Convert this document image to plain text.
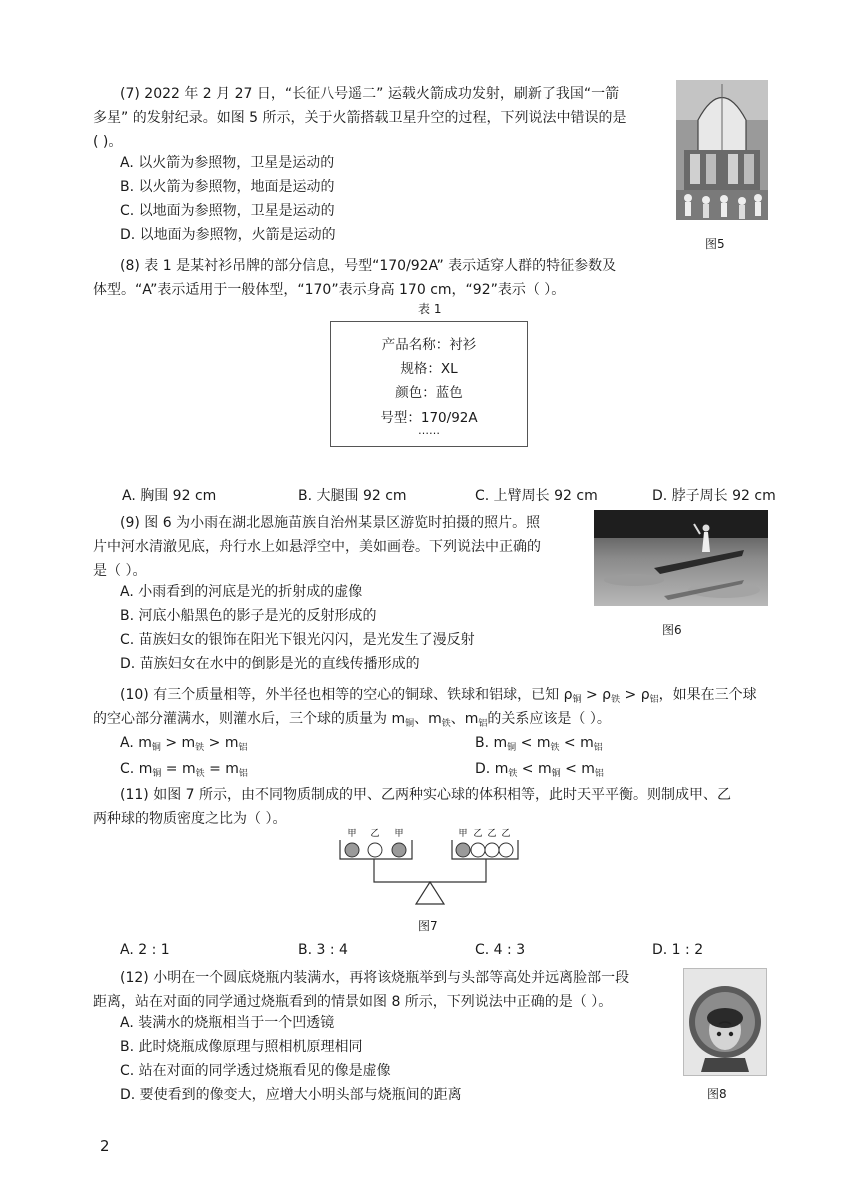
(7) 2022 年 2 月 27 日，“长征八号遥二” 运载火箭成功发射，刷新了我国“一箭
多星” 的发射纪录。如图 5 所示，关于火箭搭载卫星升空的过程，下列说法中错误的是
( )。
A. 以火箭为参照物，卫星是运动的
B. 以火箭为参照物，地面是运动的
C. 以地面为参照物，卫星是运动的
D. 以地面为参照物，火箭是运动的
图5
(8) 表 1 是某衬衫吊牌的部分信息，号型“170/92A” 表示适穿人群的特征参数及
体型。“A”表示适用于一般体型，“170”表示身高 170 cm，“92”表示（ ）。
表 1
产品名称：衬衫
规格：XL
颜色：蓝色
号型：170/92A
……
A. 胸围 92 cm	B. 大腿围 92 cm	C. 上臂周长 92 cm	D. 脖子周长 92 cm
(9) 图 6 为小雨在湖北恩施苗族自治州某景区游览时拍摄的照片。照
片中河水清澈见底，舟行水上如悬浮空中，美如画卷。下列说法中正确的
是（ ）。
A. 小雨看到的河底是光的折射成的虚像
B. 河底小船黑色的影子是光的反射形成的
C. 苗族妇女的银饰在阳光下银光闪闪，是光发生了漫反射
D. 苗族妇女在水中的倒影是光的直线传播形成的
图6
(10) 有三个质量相等，外半径也相等的空心的铜球、铁球和铝球，已知 $\rho_铜 > \rho_铁 > \rho_铝$，如果在三个球
的空心部分灌满水，则灌水后，三个球的质量为 $m_铜$、$m_铁$、$m_铝$的关系应该是（ ）。
A. $m_铜 > m_铁 > m_铝$	B. $m_铜 < m_铁 < m_铝$
C. $m_铜 = m_铁 = m_铝$	D. $m_铁 < m_铜 < m_铝$
(11) 如图 7 所示，由不同物质制成的甲、乙两种实心球的体积相等，此时天平平衡。则制成甲、乙
两种球的物质密度之比为（ ）。
甲 乙 甲	甲 乙 乙 乙
图7
A. 2 : 1	B. 3 : 4	C. 4 : 3	D. 1 : 2
(12) 小明在一个圆底烧瓶内装满水，再将该烧瓶举到与头部等高处并远离脸部一段
距离，站在对面的同学通过烧瓶看到的情景如图 8 所示，下列说法中正确的是（ ）。
A. 装满水的烧瓶相当于一个凹透镜
B. 此时烧瓶成像原理与照相机原理相同
C. 站在对面的同学透过烧瓶看见的像是虚像
D. 要使看到的像变大，应增大小明头部与烧瓶间的距离	图8
2
